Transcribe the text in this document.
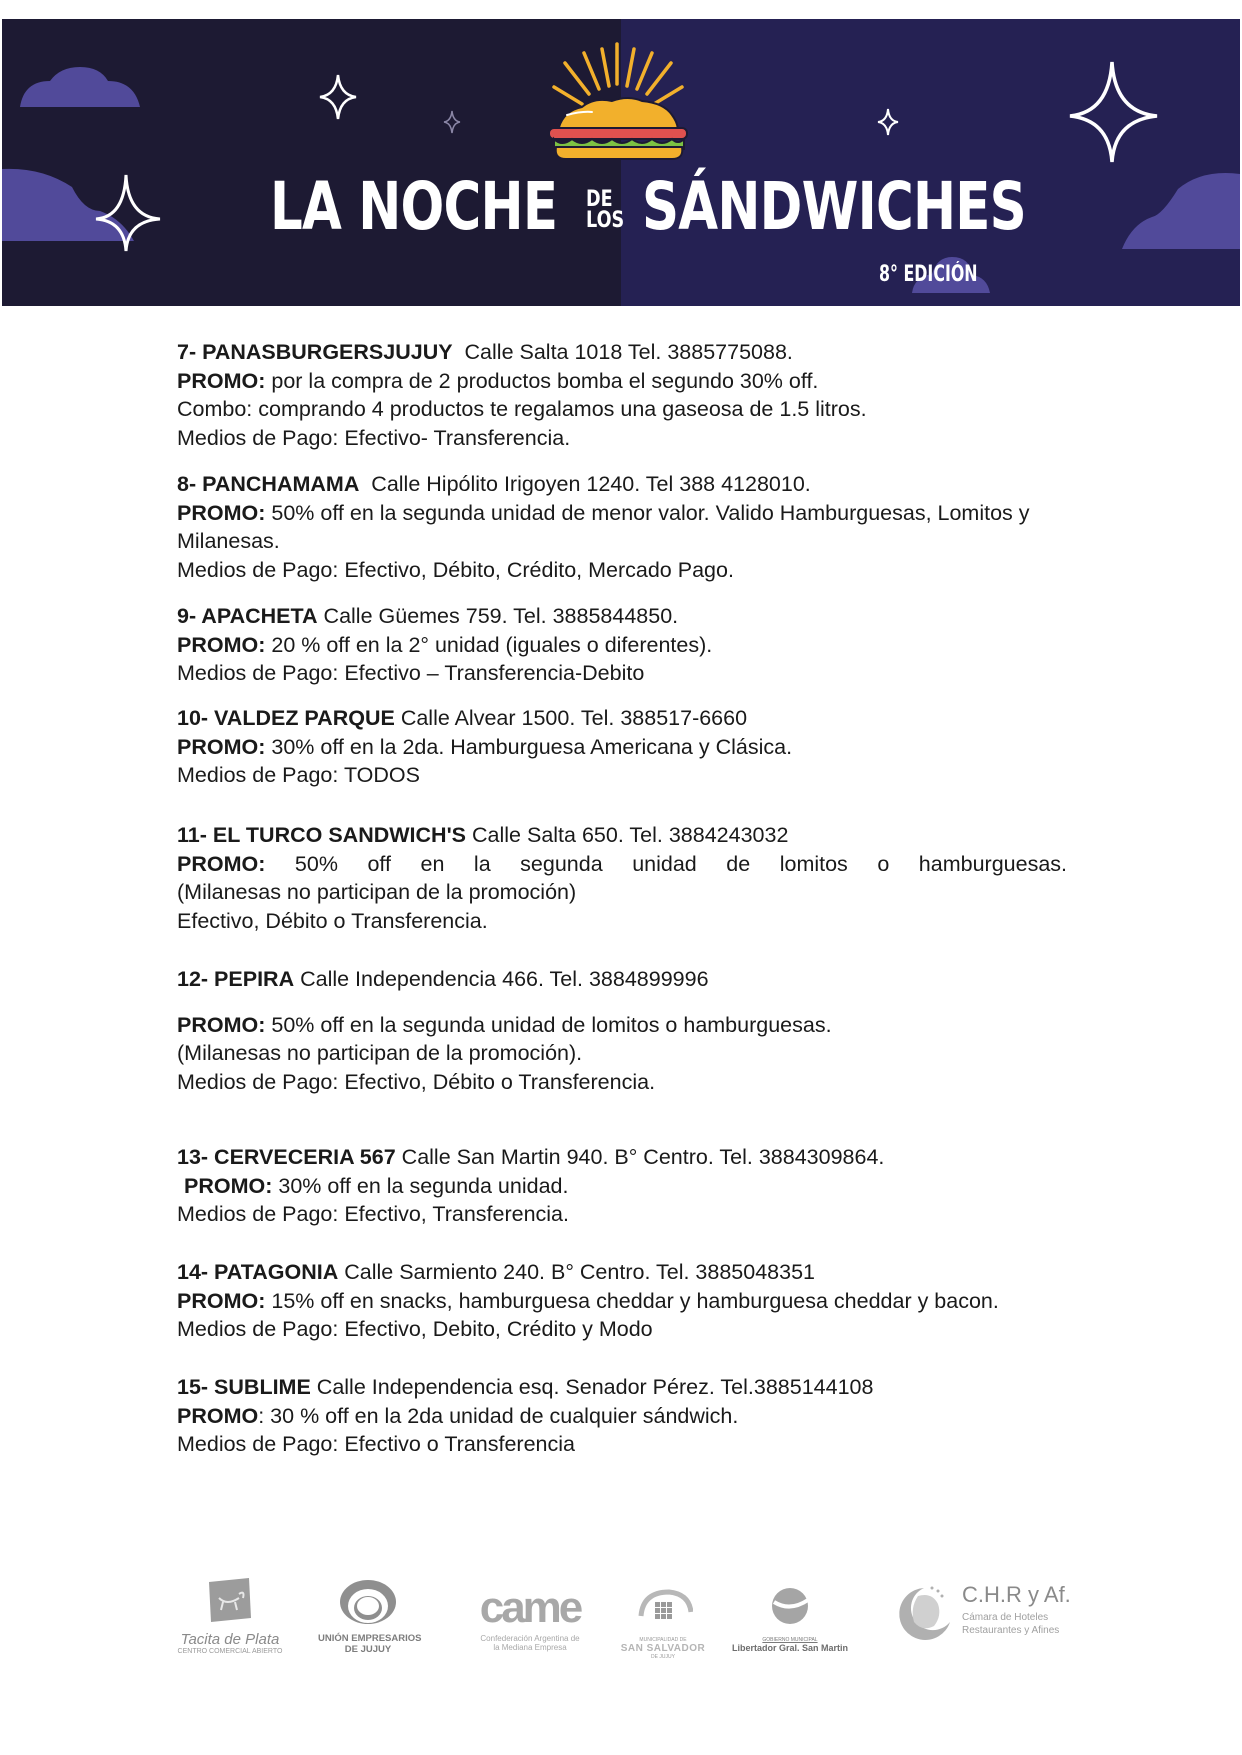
LA NOCHE DE
LOS SÁNDWICHES
8° EDICIÓN

7- PANASBURGERSJUJUY Calle Salta 1018 Tel. 3885775088.

PROMO: por la compra de 2 productos bomba el segundo 30% off.

Combo: comprando 4 productos te regalamos una gaseosa de 1.5 litros.

Medios de Pago: Efectivo- Transferencia.

8- PANCHAMAMA Calle Hipólito Irigoyen 1240. Tel 388 4128010.

PROMO: 50% off en la segunda unidad de menor valor. Valido Hamburguesas, Lomitos y Milanesas.

Medios de Pago: Efectivo, Débito, Crédito, Mercado Pago.

9- APACHETA Calle Güemes 759. Tel. 3885844850.

PROMO: 20 % off en la 2° unidad (iguales o diferentes).

Medios de Pago: Efectivo – Transferencia-Debito

10- VALDEZ PARQUE Calle Alvear 1500. Tel. 388517-6660

PROMO: 30% off en la 2da. Hamburguesa Americana y Clásica.

Medios de Pago: TODOS

11- EL TURCO SANDWICH'S Calle Salta 650. Tel. 3884243032

PROMO: 50% off en la segunda unidad de lomitos o hamburguesas.

(Milanesas no participan de la promoción)

Efectivo, Débito o Transferencia.

12- PEPIRA Calle Independencia 466. Tel. 3884899996

PROMO: 50% off en la segunda unidad de lomitos o hamburguesas.

(Milanesas no participan de la promoción).

Medios de Pago: Efectivo, Débito o Transferencia.

13- CERVECERIA 567 Calle San Martin 940. B° Centro. Tel. 3884309864.

PROMO: 30% off en la segunda unidad.

Medios de Pago: Efectivo, Transferencia.

14- PATAGONIA Calle Sarmiento 240. B° Centro. Tel. 3885048351

PROMO: 15% off en snacks, hamburguesa cheddar y hamburguesa cheddar y bacon. Medios de Pago: Efectivo, Debito, Crédito y Modo

15- SUBLIME Calle Independencia esq. Senador Pérez. Tel.3885144108

PROMO: 30 % off en la 2da unidad de cualquier sándwich.

Medios de Pago: Efectivo o Transferencia

Tacita de Plata
CENTRO COMERCIAL ABIERTO
UNIÓN EMPRESARIOS
DE JUJUY
came
Confederación Argentina de
la Mediana Empresa
MUNICIPALIDAD DE
SAN SALVADOR
DE JUJUY
GOBIERNO MUNICIPAL
Libertador Gral. San Martin
C.H.R y Af.
Cámara de Hoteles
Restaurantes y Afines
